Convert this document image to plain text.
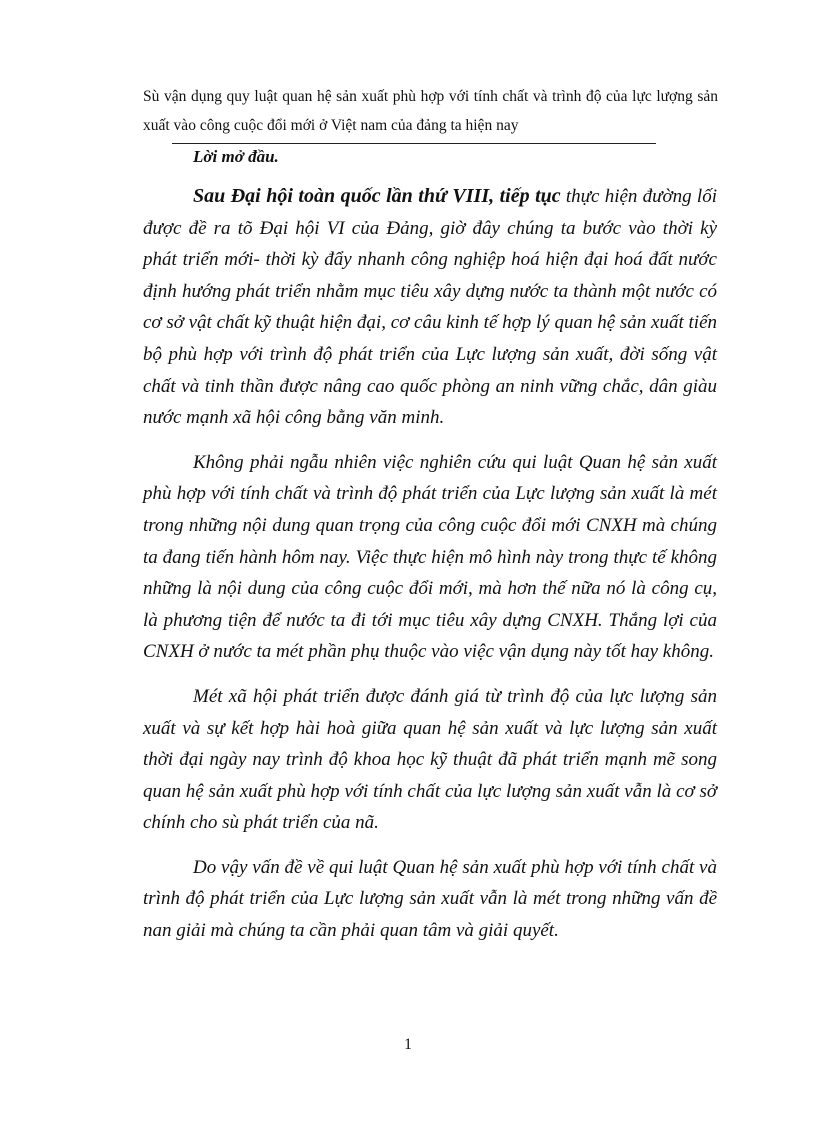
Sù vận dụng quy luật quan hệ sản xuất phù hợp với tính chất và trình độ của lực lượng sản xuất vào công cuộc đổi mới ở Việt nam của đảng ta hiện nay
Lời mở đầu.

Sau Đại hội toàn quốc lần thứ VIII, tiếp tục thực hiện đường lối được đề ra tõ Đại hội VI của Đảng, giờ đây chúng ta bước vào thời kỳ phát triển mới- thời kỳ đẩy nhanh công nghiệp hoá hiện đại hoá đất nước định hướng phát triển nhằm mục tiêu xây dựng nước ta thành một nước có cơ sở vật chất kỹ thuật hiện đại, cơ câu kinh tế hợp lý quan hệ sản xuất tiến bộ phù hợp với trình độ phát triển của Lực lượng sản xuất, đời sống vật chất và tinh thần được nâng cao quốc phòng an ninh vững chắc, dân giàu nước mạnh xã hội công bằng văn minh.

Không phải ngẫu nhiên việc nghiên cứu qui luật Quan hệ sản xuất phù hợp với tính chất và trình độ phát triển của Lực lượng sản xuất là mét trong những nội dung quan trọng của công cuộc đổi mới CNXH mà chúng ta đang tiến hành hôm nay. Việc thực hiện mô hình này trong thực tế không những là nội dung của công cuộc đổi mới, mà hơn thế nữa nó là công cụ, là phương tiện để nước ta đi tới mục tiêu xây dựng CNXH. Thắng lợi của CNXH ở nước ta mét phần phụ thuộc vào việc vận dụng này tốt hay không.

Mét xã hội phát triển được đánh giá từ trình độ của lực lượng sản xuất và sự kết hợp hài hoà giữa quan hệ sản xuất và lực lượng sản xuất thời đại ngày nay trình độ khoa học kỹ thuật đã phát triển mạnh mẽ song quan hệ sản xuất phù hợp với tính chất của lực lượng sản xuất vẫn là cơ sở chính cho sù phát triển của nã.

Do vậy vấn đề về qui luật Quan hệ sản xuất phù hợp với tính chất và trình độ phát triển của Lực lượng sản xuất vẫn là mét trong những vấn đề nan giải mà chúng ta cần phải quan tâm và giải quyết.

1
